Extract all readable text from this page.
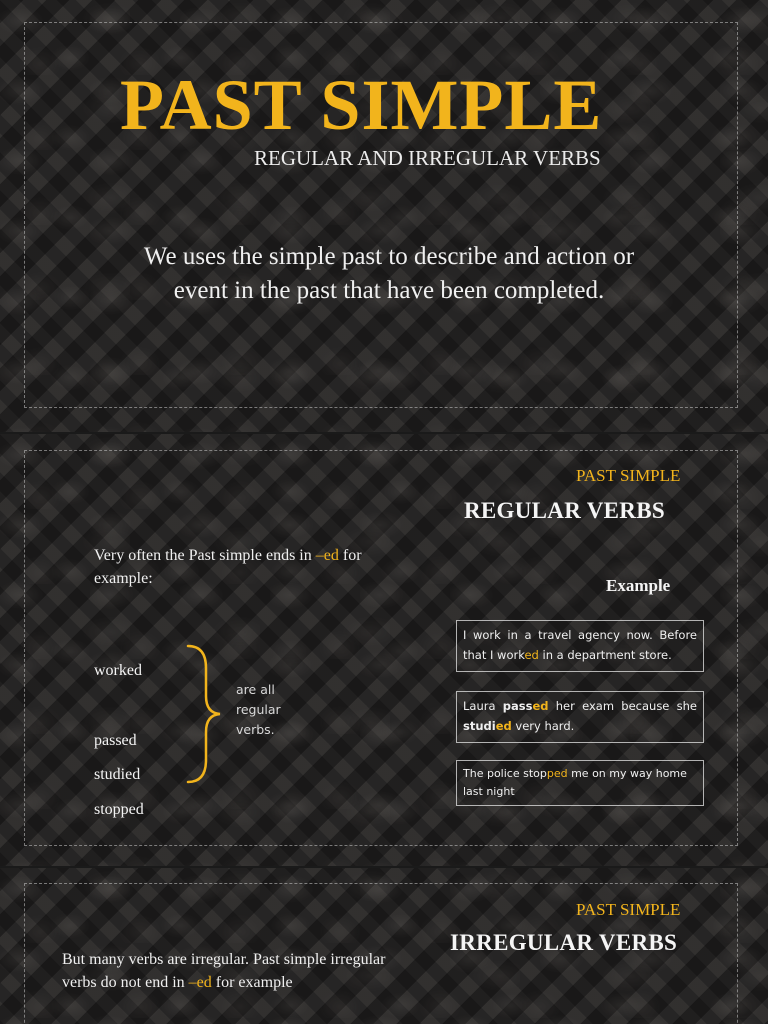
PAST SIMPLE
REGULAR AND IRREGULAR VERBS

We uses the simple past to describe and action or event in the past that have been completed.

PAST SIMPLE
REGULAR VERBS

Very often the Past simple ends in –ed for example:	Example
worked
passed
studied
stopped
are all regular verbs.
I work in a travel agency now. Before that I worked in a department store.
Laura passed her exam because she studied very hard.
The police stopped me on my way home last night
PAST SIMPLE
IRREGULAR VERBS

But many verbs are irregular. Past simple irregular verbs do not end in –ed for example
